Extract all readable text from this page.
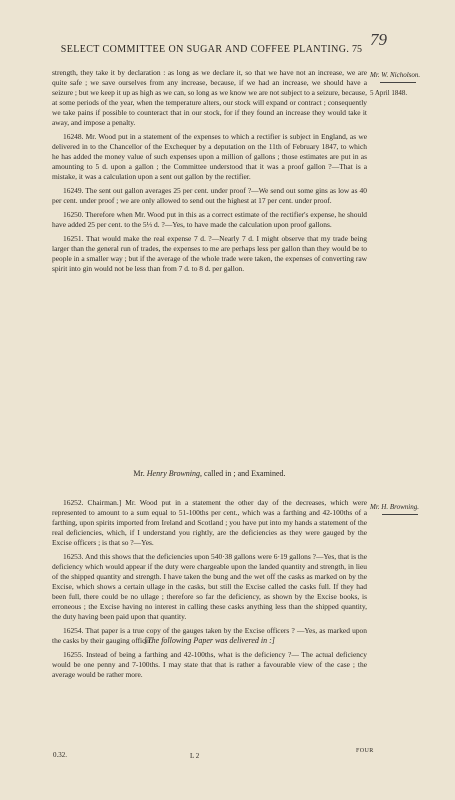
SELECT COMMITTEE ON SUGAR AND COFFEE PLANTING. 75
79
Mr. W. Nicholson.
5 April 1848.

strength, they take it by declaration : as long as we declare it, so that we have not an increase, we are quite safe ; we save ourselves from any increase, because, if we had an increase, we should have a seizure ; but we keep it up as high as we can, so long as we know we are not subject to a seizure, because, at some periods of the year, when the temperature alters, our stock will expand or contract ; consequently we take pains if possible to counteract that in our stock, for if they found an increase they would take it away, and impose a penalty.

16248. Mr. Wood put in a statement of the expenses to which a rectifier is subject in England, as we delivered in to the Chancellor of the Exchequer by a deputation on the 11th of February 1847, to which he has added the money value of such expenses upon a million of gallons ; those estimates are put in as amounting to 5 d. upon a gallon ; the Committee understood that it was a proof gallon ?—That is a mistake, it was a calculation upon a sent out gallon by the rectifier.

16249. The sent out gallon averages 25 per cent. under proof ?—We send out some gins as low as 40 per cent. under proof ; we are only allowed to send out the highest at 17 per cent. under proof.

16250. Therefore when Mr. Wood put in this as a correct estimate of the rectifier's expense, he should have added 25 per cent. to the 5⅓ d. ?—Yes, to have made the calculation upon proof gallons.

16251. That would make the real expense 7 d. ?—Nearly 7 d. I might observe that my trade being larger than the general run of trades, the expenses to me are perhaps less per gallon than they would be to people in a smaller way ; but if the average of the whole trade were taken, the expenses of converting raw spirit into gin would not be less than from 7 d. to 8 d. per gallon.

Mr. Henry Browning, called in ; and Examined.
Mr. H. Browning.

16252. Chairman.] Mr. Wood put in a statement the other day of the decreases, which were represented to amount to a sum equal to 51-100ths per cent., which was a farthing and 42-100ths of a farthing, upon spirits imported from Ireland and Scotland ; you have put into my hands a statement of the real deficiencies, which, if I understand you rightly, are the deficiencies as they were gauged by the Excise officers ; is that so ?—Yes.

16253. And this shows that the deficiencies upon 540·38 gallons were 6·19 gallons ?—Yes, that is the deficiency which would appear if the duty were chargeable upon the landed quantity and strength, in lieu of the shipped quantity and strength. I have taken the bung and the wet off the casks as marked on by the Excise, which shows a certain ullage in the casks, but still the Excise called the casks full. If they had been full, there could be no ullage ; therefore so far the deficiency, as shown by the Excise books, is erroneous ; the Excise having no interest in calling these casks anything less than the shipped quantity, the duty having been paid upon that quantity.

16254. That paper is a true copy of the gauges taken by the Excise officers ? —Yes, as marked upon the casks by their gauging officer.

16255. Instead of being a farthing and 42-100ths, what is the deficiency ?— The actual deficiency would be one penny and 7-100ths. I may state that that is rather a favourable view of the case ; the average would be rather more.

[The following Paper was delivered in :]
0.32.	L 2
FOUR
